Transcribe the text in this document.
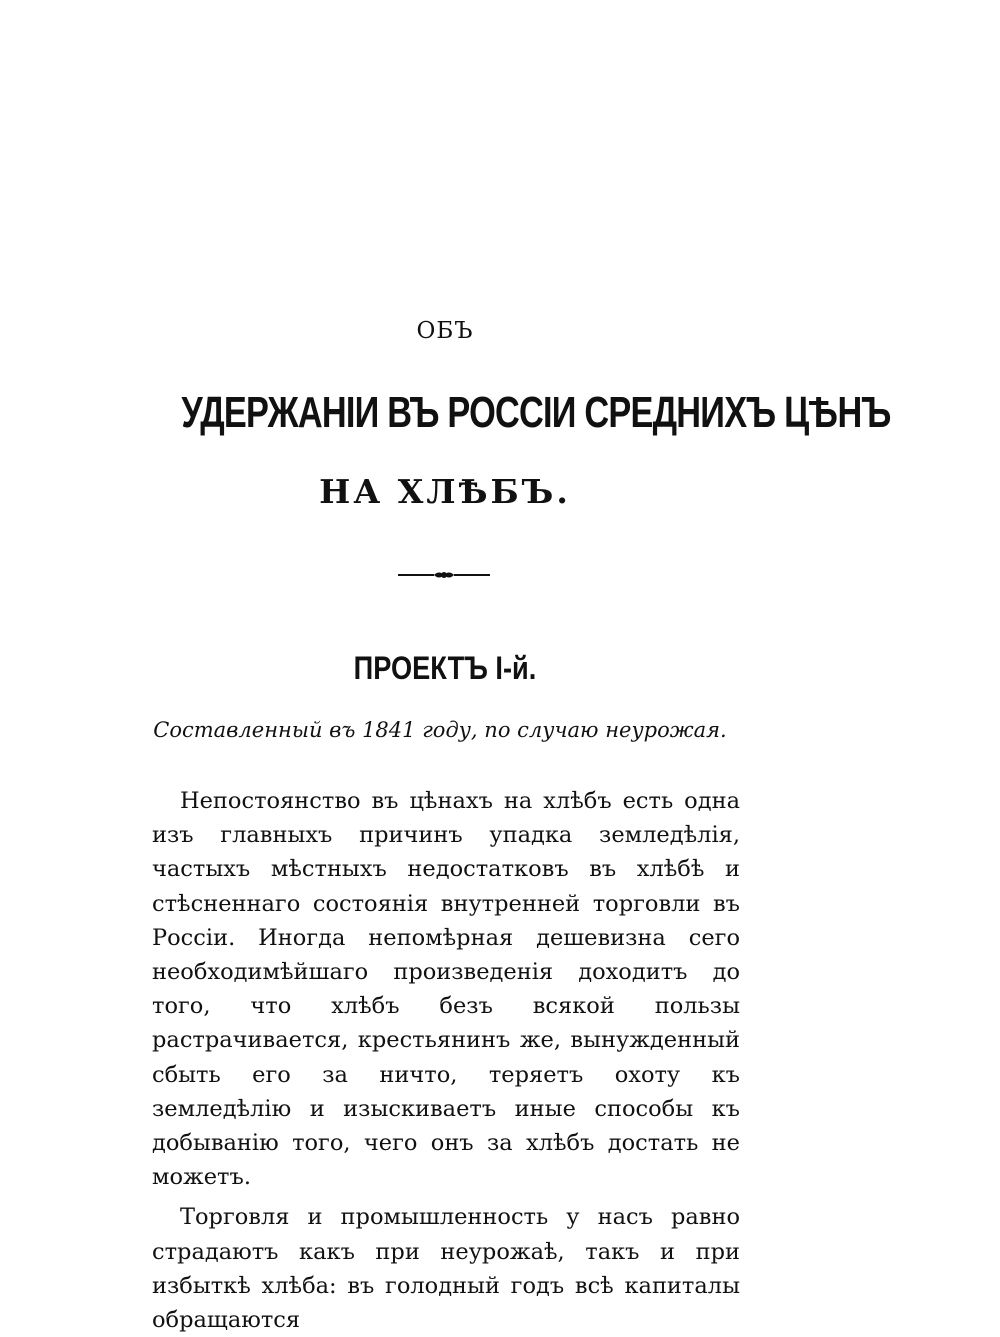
ОБЪ
УДЕРЖАНІИ ВЪ РОССІИ СРЕДНИХЪ ЦѢНЪ
НА ХЛѢБЪ.
ПРОЕКТЪ І-й.
Составленный въ 1841 году, по случаю неурожая.

Непостоянство въ цѣнахъ на хлѣбъ есть одна изъ главныхъ причинъ упадка земледѣлія, частыхъ мѣстныхъ недостатковъ въ хлѣбѣ и стѣсненнаго состоянія внутренней торговли въ Россіи. Иногда непомѣрная дешевизна сего необходимѣйшаго произведенія доходитъ до того, что хлѣбъ безъ всякой пользы растрачивается, крестьянинъ же, вынужденный сбыть его за ничто, теряетъ охоту къ земледѣлію и изыскиваетъ иные способы къ добыванію того, чего онъ за хлѣбъ достать не можетъ.

Торговля и промышленность у насъ равно страдаютъ какъ при неурожаѣ, такъ и при избыткѣ хлѣба: въ голодный годъ всѣ капиталы обращаются
